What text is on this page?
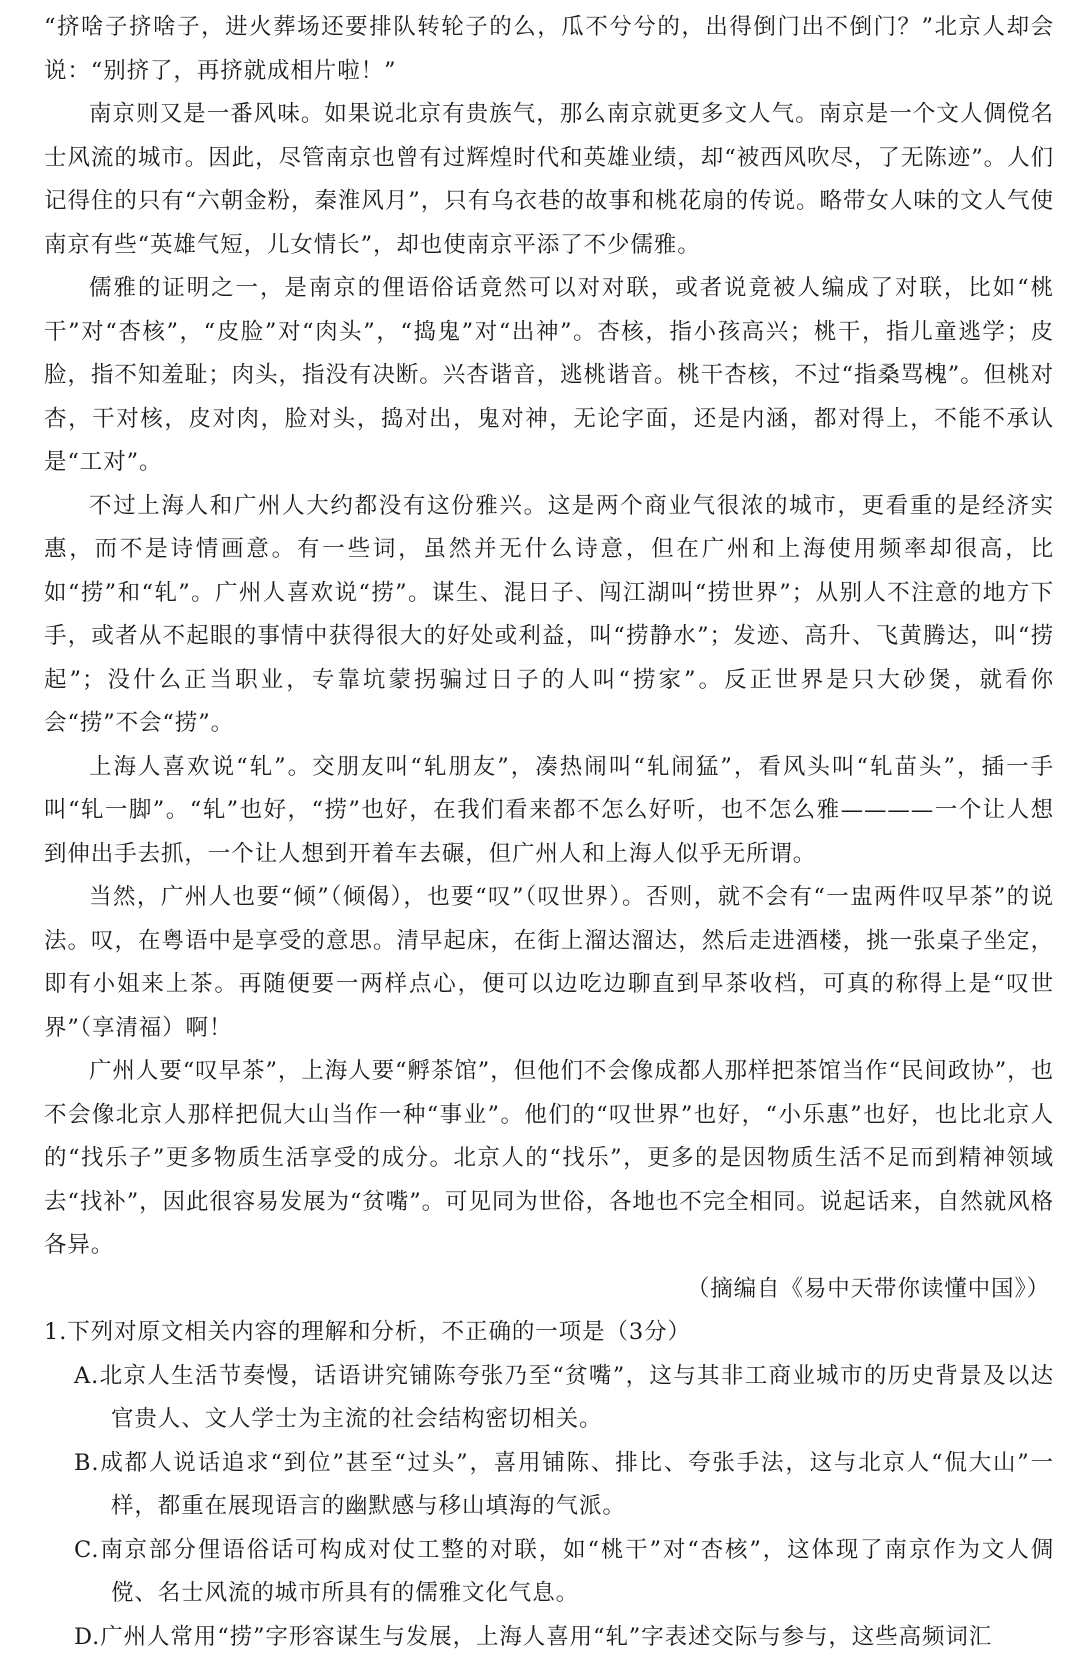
“挤啥子挤啥子，进火葬场还要排队转轮子的么，瓜不兮兮的，出得倒门出不倒门？”北京人却会说：“别挤了，再挤就成相片啦！”

南京则又是一番风味。如果说北京有贵族气，那么南京就更多文人气。南京是一个文人倜傥名士风流的城市。因此，尽管南京也曾有过辉煌时代和英雄业绩，却“被西风吹尽，了无陈迹”。人们记得住的只有“六朝金粉，秦淮风月”，只有乌衣巷的故事和桃花扇的传说。略带女人味的文人气使南京有些“英雄气短，儿女情长”，却也使南京平添了不少儒雅。

儒雅的证明之一，是南京的俚语俗话竟然可以对对联，或者说竟被人编成了对联，比如“桃干”对“杏核”，“皮脸”对“肉头”，“捣鬼”对“出神”。杏核，指小孩高兴；桃干，指儿童逃学；皮脸，指不知羞耻；肉头，指没有决断。兴杏谐音，逃桃谐音。桃干杏核，不过“指桑骂槐”。但桃对杏，干对核，皮对肉，脸对头，捣对出，鬼对神，无论字面，还是内涵，都对得上，不能不承认是“工对”。

不过上海人和广州人大约都没有这份雅兴。这是两个商业气很浓的城市，更看重的是经济实惠，而不是诗情画意。有一些词，虽然并无什么诗意，但在广州和上海使用频率却很高，比如“捞”和“轧”。广州人喜欢说“捞”。谋生、混日子、闯江湖叫“捞世界”；从别人不注意的地方下手，或者从不起眼的事情中获得很大的好处或利益，叫“捞静水”；发迹、高升、飞黄腾达，叫“捞起”；没什么正当职业，专靠坑蒙拐骗过日子的人叫“捞家”。反正世界是只大砂煲，就看你会“捞”不会“捞”。

上海人喜欢说“轧”。交朋友叫“轧朋友”，凑热闹叫“轧闹猛”，看风头叫“轧苗头”，插一手叫“轧一脚”。“轧”也好，“捞”也好，在我们看来都不怎么好听，也不怎么雅————一个让人想到伸出手去抓，一个让人想到开着车去碾，但广州人和上海人似乎无所谓。

当然，广州人也要“倾”（倾偈），也要“叹”（叹世界）。否则，就不会有“一盅两件叹早茶”的说法。叹，在粤语中是享受的意思。清早起床，在街上溜达溜达，然后走进酒楼，挑一张桌子坐定，即有小姐来上茶。再随便要一两样点心，便可以边吃边聊直到早茶收档，可真的称得上是“叹世界”（享清福）啊！

广州人要“叹早茶”，上海人要“孵茶馆”，但他们不会像成都人那样把茶馆当作“民间政协”，也不会像北京人那样把侃大山当作一种“事业”。他们的“叹世界”也好，“小乐惠”也好，也比北京人的“找乐子”更多物质生活享受的成分。北京人的“找乐”，更多的是因物质生活不足而到精神领域去“找补”，因此很容易发展为“贫嘴”。可见同为世俗，各地也不完全相同。说起话来，自然就风格各异。

（摘编自《易中天带你读懂中国》）

1.下列对原文相关内容的理解和分析，不正确的一项是（3分）

A.北京人生活节奏慢，话语讲究铺陈夸张乃至“贫嘴”，这与其非工商业城市的历史背景及以达官贵人、文人学士为主流的社会结构密切相关。

B.成都人说话追求“到位”甚至“过头”，喜用铺陈、排比、夸张手法，这与北京人“侃大山”一样，都重在展现语言的幽默感与移山填海的气派。

C.南京部分俚语俗话可构成对仗工整的对联，如“桃干”对“杏核”，这体现了南京作为文人倜傥、名士风流的城市所具有的儒雅文化气息。

D.广州人常用“捞”字形容谋生与发展，上海人喜用“轧”字表述交际与参与，这些高频词汇
